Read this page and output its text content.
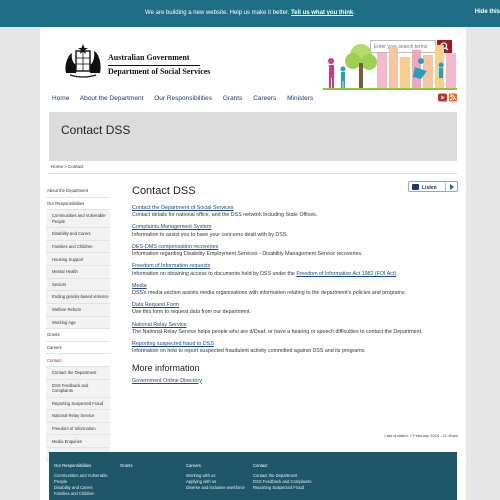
We are building a new website. Help us make it better. Tell us what you think.	Hide this
Australian Government
Department of Social Services
Enter your search terms
Home About the Department Our Responsibilities Grants Careers Ministers
Contact DSS
Home » Contact
About the Department
Our Responsibilities
Communities and Vulnerable People
Disability and Carers
Families and Children
Housing Support
Mental Health
Seniors
Ending gender-based violence
Welfare Reform
Working Age
Grants
Careers
Contact
Contact the Department
DSS Feedback and Complaints
Reporting Suspected Fraud
National Relay Service
Freedom of Information
Media Enquiries
Listen
Contact DSS
Contact the Department of Social Services

Contact details for national office, and the DSS network including State Offices.

Complaints Management System

Information to assist you to have your concerns dealt with by DSS.

DES-DMS compensation recoveries

Information regarding Disability Employment Services - Disability Management Service recoveries.

Freedom of Information requests

Information on obtaining access to documents held by DSS under the Freedom of Information Act 1982 (FOI Act).

Media

DSS's media section assists media organisations with information relating to the department's policies and programs.

Data Request Form

Use this form to request data from our department.

National Relay Service

The National Relay Service helps people who are d/Deaf, or have a hearing or speech difficulties to contact the Department.

Reporting suspected fraud to DSS

Information on how to report suspected fraudulent activity committed against DSS and its programs.

More information
Government Online Directory
Last updated: 7 February 2024 - 11:49am
Our Responsibilities
Communities and Vulnerable People
Disability and Carers
Families and Children
Grants	Careers
Working with us
Applying with us
Diverse and inclusive workforce
Contact
Contact the Department
DSS Feedback and Complaints
Reporting Suspected Fraud
